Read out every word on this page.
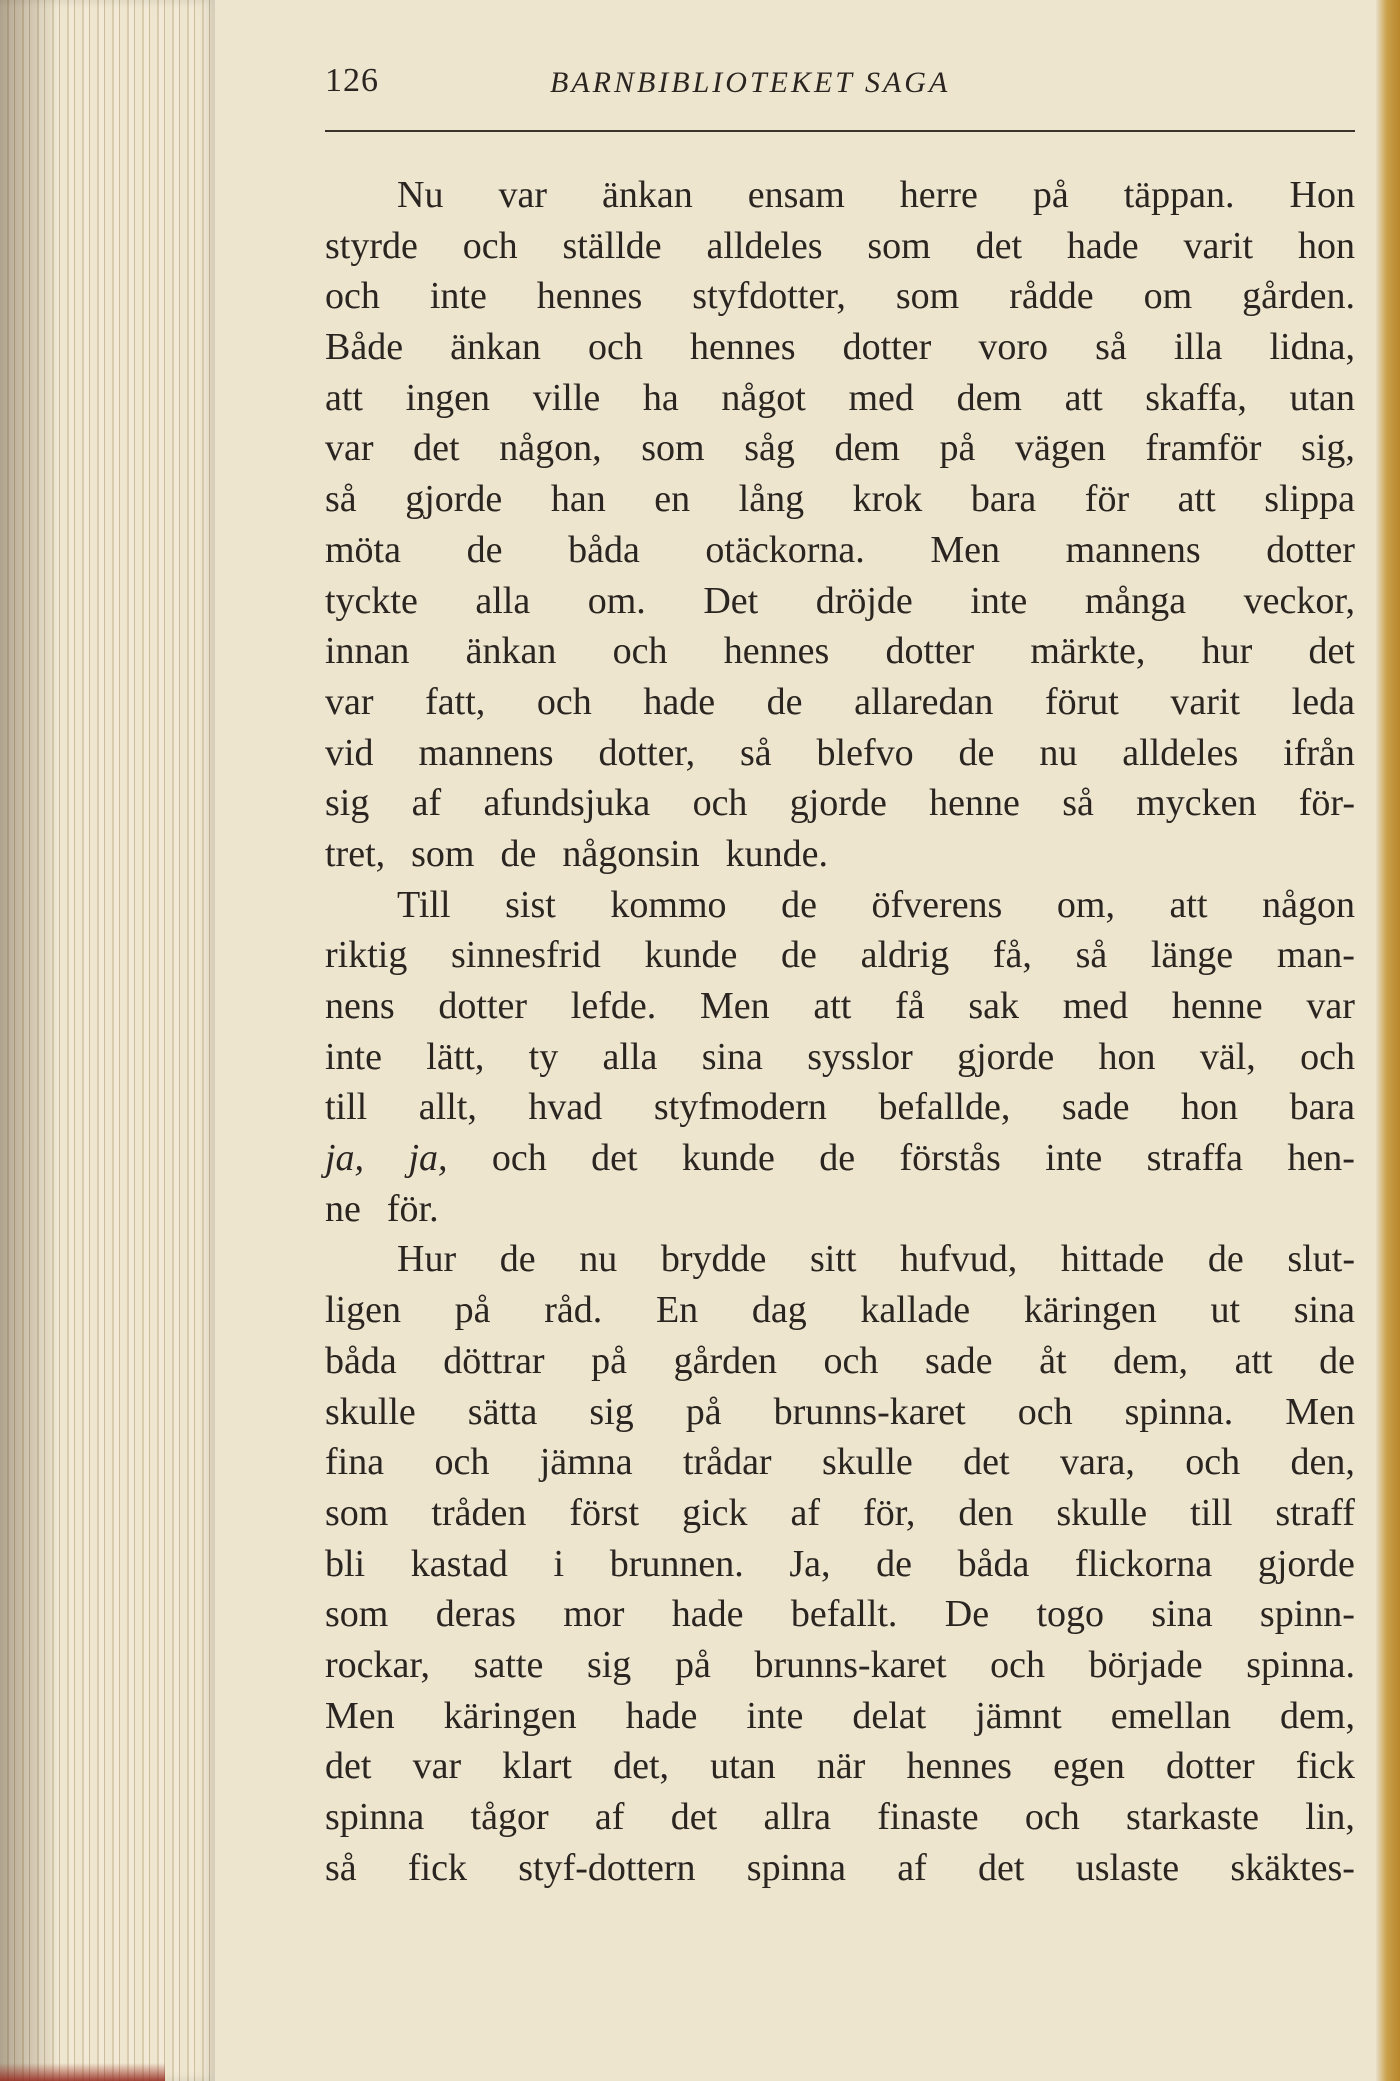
126	BARNBIBLIOTEKET SAGA
Nu var änkan ensam herre på täppan. Hon
styrde och ställde alldeles som det hade varit hon
och inte hennes styfdotter, som rådde om gården.
Både änkan och hennes dotter voro så illa lidna,
att ingen ville ha något med dem att skaffa, utan
var det någon, som såg dem på vägen framför sig,
så gjorde han en lång krok bara för att slippa
möta de båda otäckorna. Men mannens dotter
tyckte alla om. Det dröjde inte många veckor,
innan änkan och hennes dotter märkte, hur det
var fatt, och hade de allaredan förut varit leda
vid mannens dotter, så blefvo de nu alldeles ifrån
sig af afundsjuka och gjorde henne så mycken för-
tret, som de någonsin kunde.
Till sist kommo de öfverens om, att någon
riktig sinnesfrid kunde de aldrig få, så länge man-
nens dotter lefde. Men att få sak med henne var
inte lätt, ty alla sina sysslor gjorde hon väl, och
till allt, hvad styfmodern befallde, sade hon bara
ja, ja, och det kunde de förstås inte straffa hen-
ne för.
Hur de nu brydde sitt hufvud, hittade de slut-
ligen på råd. En dag kallade käringen ut sina
båda döttrar på gården och sade åt dem, att de
skulle sätta sig på brunns-karet och spinna. Men
fina och jämna trådar skulle det vara, och den,
som tråden först gick af för, den skulle till straff
bli kastad i brunnen. Ja, de båda flickorna gjorde
som deras mor hade befallt. De togo sina spinn-
rockar, satte sig på brunns-karet och började spinna.
Men käringen hade inte delat jämnt emellan dem,
det var klart det, utan när hennes egen dotter fick
spinna tågor af det allra finaste och starkaste lin,
så fick styf-dottern spinna af det uslaste skäktes-
